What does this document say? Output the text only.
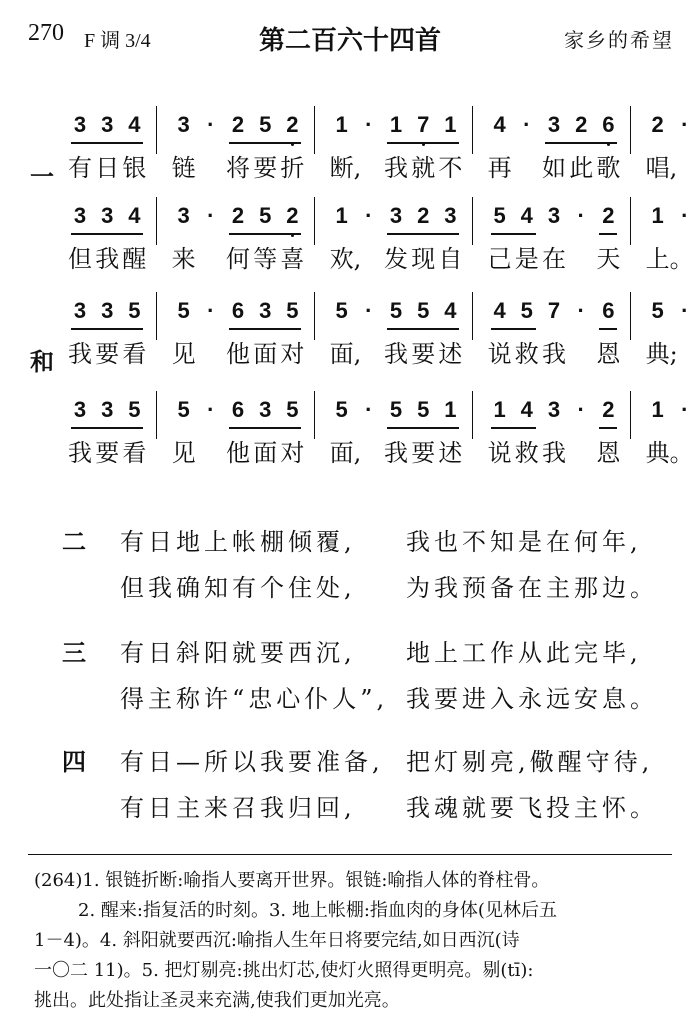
270 F 调 3/4	第二百六十四首	家乡的希望
一
和
3 3 4 3 · 2 5 2 1 · 1 7 1 4 · 3 2 6 2 ·
有 日 银 链 将 要 折 断, 我 就 不 再 如 此 歌 唱,
3 3 4 3 · 2 5 2 1 · 3 2 3 5 4 3 · 2 1 ·
但 我 醒 来 何 等 喜 欢, 发 现 自 己 是 在 天 上。
3 3 5 5 · 6 3 5 5 · 5 5 4 4 5 7 · 6 5 ·
我 要 看 见 他 面 对 面, 我 要 述 说 救 我 恩 典;
3 3 5 5 · 6 3 5 5 · 5 5 1 1 4 3 · 2 1 ·
我 要 看 见 他 面 对 面, 我 要 述 说 救 我 恩 典。
二 有日地上帐棚倾覆, 我也不知是在何年,
但我确知有个住处, 为我预备在主那边。
三 有日斜阳就要西沉, 地上工作从此完毕,
得主称许“忠心仆人”, 我要进入永远安息。
四 有日—所以我要准备, 把灯剔亮,儆醒守待,
有日主来召我归回, 我魂就要飞投主怀。

(264)1. 银链折断:喻指人要离开世界。银链:喻指人体的脊柱骨。

2. 醒来:指复活的时刻。3. 地上帐棚:指血肉的身体(见林后五

1－4)。4. 斜阳就要西沉:喻指人生年日将要完结,如日西沉(诗

一〇二 11)。5. 把灯剔亮:挑出灯芯,使灯火照得更明亮。剔(tī):

挑出。此处指让圣灵来充满,使我们更加光亮。
